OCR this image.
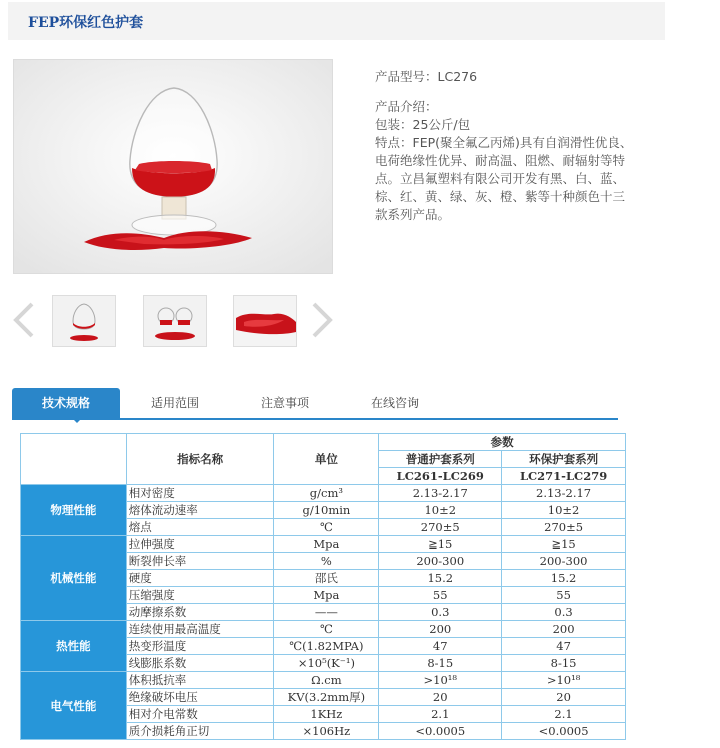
FEP环保红色护套
产品型号：LC276
产品介绍：
包装：25公斤/包
特点：FEP(聚全氟乙丙烯)具有自润滑性优良、
电荷绝缘性优异、耐高温、阻燃、耐辐射等特
点。立昌氟塑料有限公司开发有黑、白、蓝、
棕、红、黄、绿、灰、橙、紫等十种颜色十三
款系列产品。
技术规格	适用范围	注意事项	在线咨询
	指标名称	单位	参数	
			普通护套系列	环保护套系列
			LC261-LC269	LC271-LC279
物理性能	相对密度	g/cm³	2.13-2.17	2.13-2.17
	熔体流动速率	g/10min	10±2	10±2
	熔点	℃	270±5	270±5
机械性能	拉伸强度	Mpa	≧15	≧15
	断裂伸长率	%	200-300	200-300
	硬度	邵氏	15.2	15.2
	压缩强度	Mpa	55	55
	动摩擦系数	——	0.3	0.3
热性能	连续使用最高温度	℃	200	200
	热变形温度	℃(1.82MPA)	47	47
	线膨胀系数	×10⁵(K⁻¹)	8-15	8-15
电气性能	体积抵抗率	Ω.cm	>10¹⁸	>10¹⁸
	绝缘破坏电压	KV(3.2mm厚)	20	20
	相对介电常数	1KHz	2.1	2.1
	质介损耗角正切	×106Hz	<0.0005	<0.0005
